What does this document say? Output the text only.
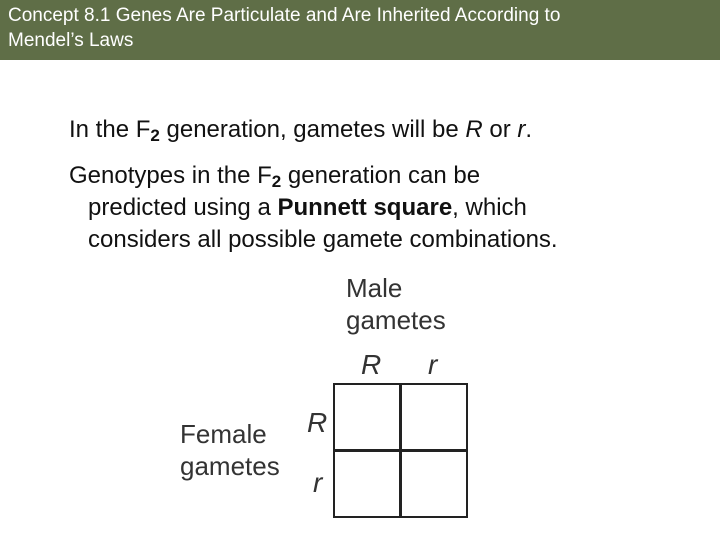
Concept 8.1 Genes Are Particulate and Are Inherited According to
Mendel’s Laws
In the $F_2$ generation, gametes will be R or r.
Genotypes in the $F_2$ generation can be
predicted using a Punnett square, which
considers all possible gamete combinations.
Male
gametes
Female
gametes
R r
R
r
